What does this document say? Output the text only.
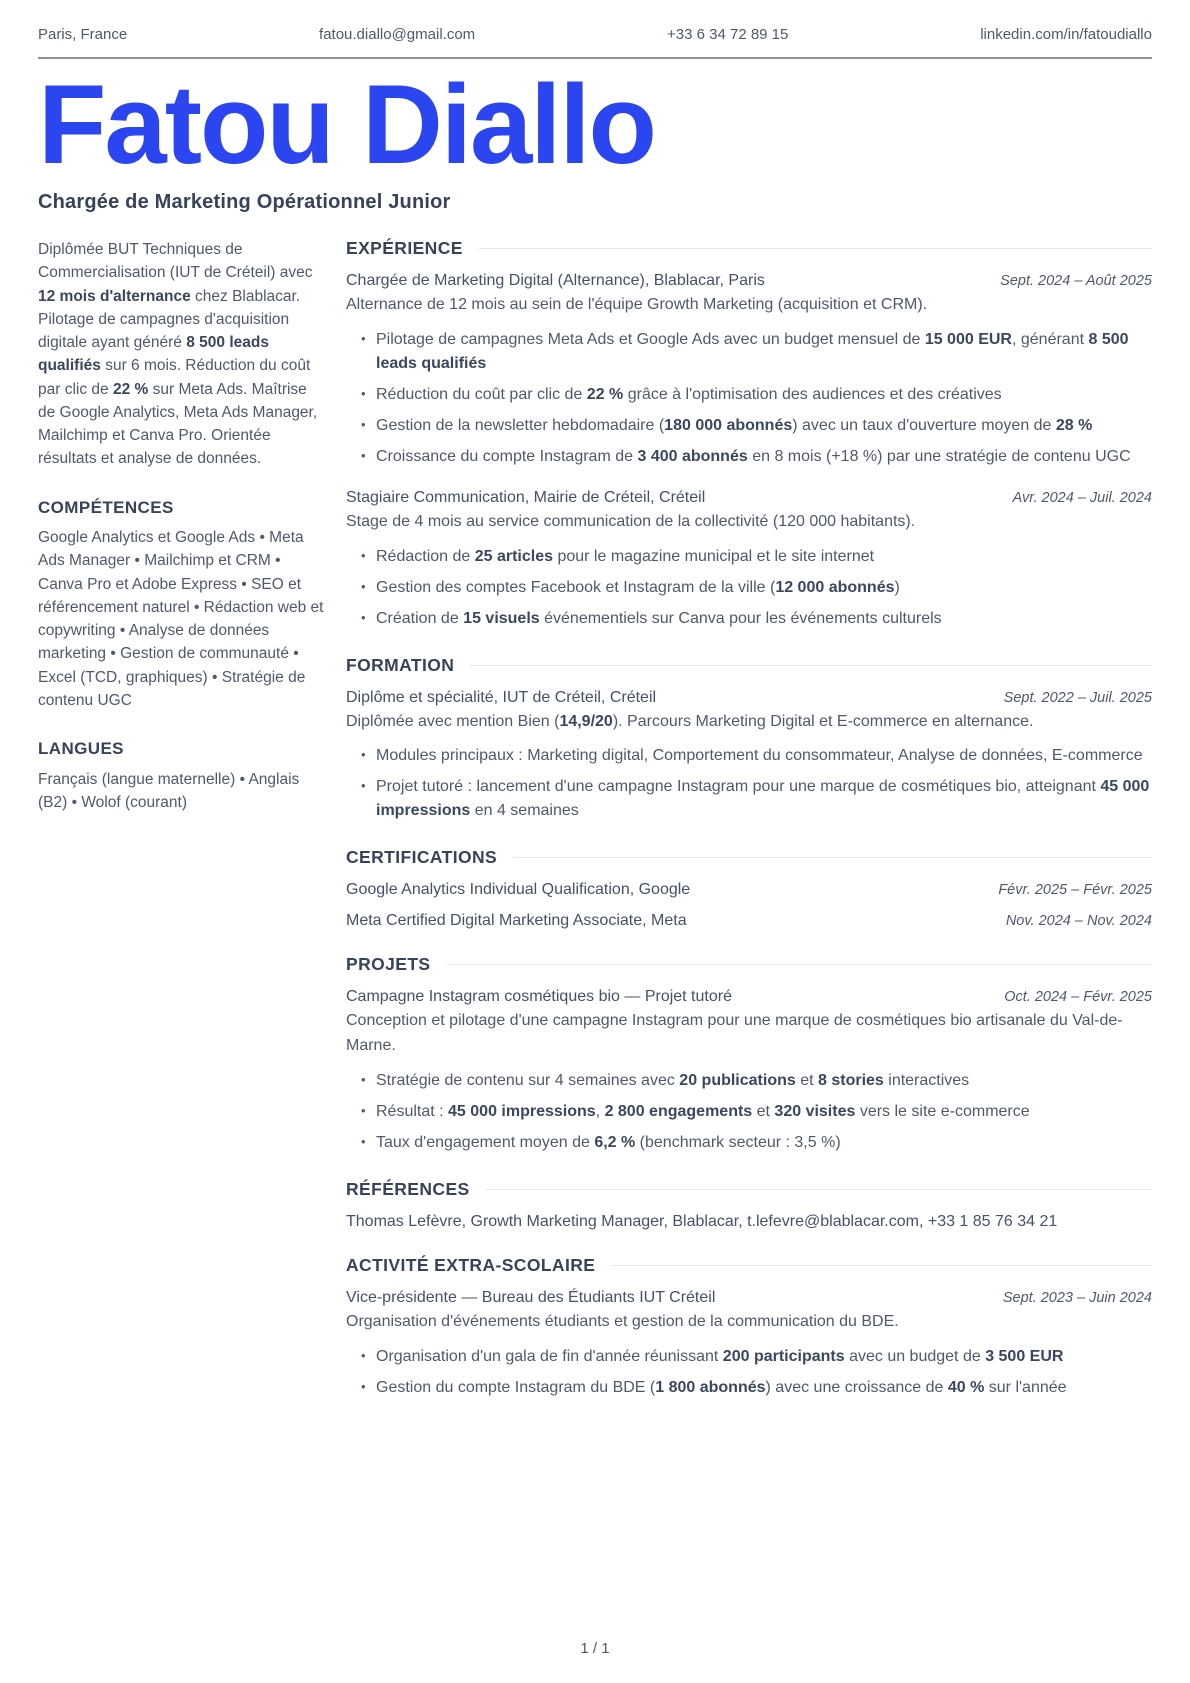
Paris, France	fatou.diallo@gmail.com	+33 6 34 72 89 15	linkedin.com/in/fatoudiallo
Fatou Diallo
Chargée de Marketing Opérationnel Junior

Diplômée BUT Techniques de Commercialisation (IUT de Créteil) avec 12 mois d'alternance chez Blablacar. Pilotage de campagnes d'acquisition digitale ayant généré 8 500 leads qualifiés sur 6 mois. Réduction du coût par clic de 22 % sur Meta Ads. Maîtrise de Google Analytics, Meta Ads Manager, Mailchimp et Canva Pro. Orientée résultats et analyse de données.

COMPÉTENCES

Google Analytics et Google Ads • Meta Ads Manager • Mailchimp et CRM • Canva Pro et Adobe Express • SEO et référencement naturel • Rédaction web et copywriting • Analyse de données marketing • Gestion de communauté • Excel (TCD, graphiques) • Stratégie de contenu UGC

LANGUES

Français (langue maternelle) • Anglais (B2) • Wolof (courant)

EXPÉRIENCE
Chargée de Marketing Digital (Alternance), Blablacar, Paris	Sept. 2024 – Août 2025

Alternance de 12 mois au sein de l'équipe Growth Marketing (acquisition et CRM).

• Pilotage de campagnes Meta Ads et Google Ads avec un budget mensuel de 15 000 EUR, générant 8 500 leads qualifiés
• Réduction du coût par clic de 22 % grâce à l'optimisation des audiences et des créatives
• Gestion de la newsletter hebdomadaire (180 000 abonnés) avec un taux d'ouverture moyen de 28 %
• Croissance du compte Instagram de 3 400 abonnés en 8 mois (+18 %) par une stratégie de contenu UGC
Stagiaire Communication, Mairie de Créteil, Créteil	Avr. 2024 – Juil. 2024

Stage de 4 mois au service communication de la collectivité (120 000 habitants).

• Rédaction de 25 articles pour le magazine municipal et le site internet
• Gestion des comptes Facebook et Instagram de la ville (12 000 abonnés)
• Création de 15 visuels événementiels sur Canva pour les événements culturels
FORMATION
Diplôme et spécialité, IUT de Créteil, Créteil	Sept. 2022 – Juil. 2025

Diplômée avec mention Bien (14,9/20). Parcours Marketing Digital et E-commerce en alternance.

• Modules principaux : Marketing digital, Comportement du consommateur, Analyse de données, E-commerce
• Projet tutoré : lancement d'une campagne Instagram pour une marque de cosmétiques bio, atteignant 45 000 impressions en 4 semaines
CERTIFICATIONS
Google Analytics Individual Qualification, Google	Févr. 2025 – Févr. 2025
Meta Certified Digital Marketing Associate, Meta	Nov. 2024 – Nov. 2024
PROJETS
Campagne Instagram cosmétiques bio — Projet tutoré	Oct. 2024 – Févr. 2025

Conception et pilotage d'une campagne Instagram pour une marque de cosmétiques bio artisanale du Val-de-Marne.

• Stratégie de contenu sur 4 semaines avec 20 publications et 8 stories interactives
• Résultat : 45 000 impressions, 2 800 engagements et 320 visites vers le site e-commerce
• Taux d'engagement moyen de 6,2 % (benchmark secteur : 3,5 %)
RÉFÉRENCES
Thomas Lefèvre, Growth Marketing Manager, Blablacar, t.lefevre@blablacar.com, +33 1 85 76 34 21
ACTIVITÉ EXTRA-SCOLAIRE
Vice-présidente — Bureau des Étudiants IUT Créteil	Sept. 2023 – Juin 2024

Organisation d'événements étudiants et gestion de la communication du BDE.

• Organisation d'un gala de fin d'année réunissant 200 participants avec un budget de 3 500 EUR
• Gestion du compte Instagram du BDE (1 800 abonnés) avec une croissance de 40 % sur l'année
1 / 1
